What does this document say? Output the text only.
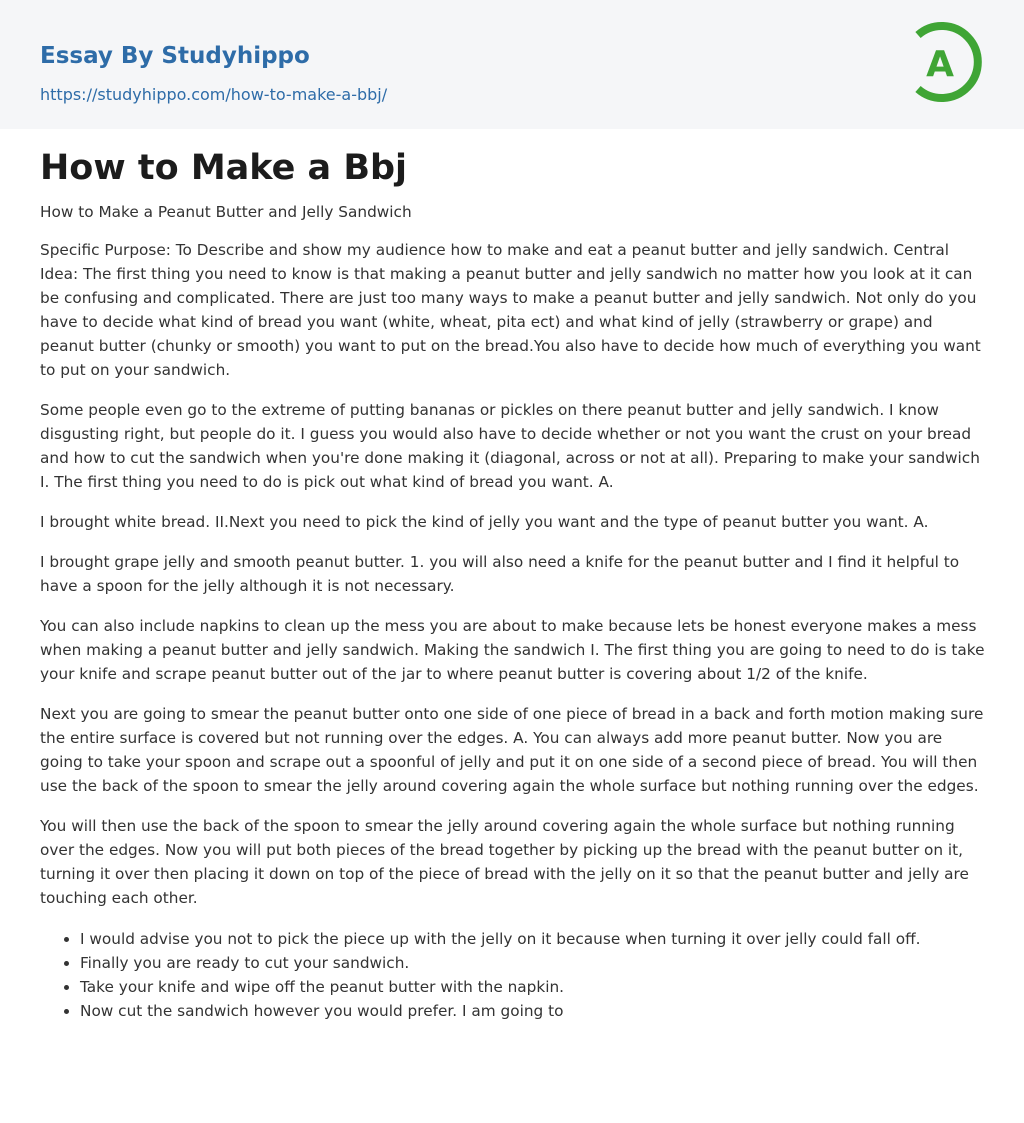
Essay By Studyhippo
https://studyhippo.com/how-to-make-a-bbj/
A
How to Make a Bbj

How to Make a Peanut Butter and Jelly Sandwich

Specific Purpose: To Describe and show my audience how to make and eat a peanut butter and jelly sandwich. Central Idea: The first thing you need to know is that making a peanut butter and jelly sandwich no matter how you look at it can be confusing and complicated. There are just too many ways to make a peanut butter and jelly sandwich. Not only do you have to decide what kind of bread you want (white, wheat, pita ect) and what kind of jelly (strawberry or grape) and peanut butter (chunky or smooth) you want to put on the bread.You also have to decide how much of everything you want to put on your sandwich.

Some people even go to the extreme of putting bananas or pickles on there peanut butter and jelly sandwich. I know disgusting right, but people do it. I guess you would also have to decide whether or not you want the crust on your bread and how to cut the sandwich when you're done making it (diagonal, across or not at all). Preparing to make your sandwich I. The first thing you need to do is pick out what kind of bread you want. A.

I brought white bread. II.Next you need to pick the kind of jelly you want and the type of peanut butter you want. A.

I brought grape jelly and smooth peanut butter. 1. you will also need a knife for the peanut butter and I find it helpful to have a spoon for the jelly although it is not necessary.

You can also include napkins to clean up the mess you are about to make because lets be honest everyone makes a mess when making a peanut butter and jelly sandwich. Making the sandwich I. The first thing you are going to need to do is take your knife and scrape peanut butter out of the jar to where peanut butter is covering about 1/2 of the knife.

Next you are going to smear the peanut butter onto one side of one piece of bread in a back and forth motion making sure the entire surface is covered but not running over the edges. A. You can always add more peanut butter. Now you are going to take your spoon and scrape out a spoonful of jelly and put it on one side of a second piece of bread. You will then use the back of the spoon to smear the jelly around covering again the whole surface but nothing running over the edges.

You will then use the back of the spoon to smear the jelly around covering again the whole surface but nothing running over the edges. Now you will put both pieces of the bread together by picking up the bread with the peanut butter on it, turning it over then placing it down on top of the piece of bread with the jelly on it so that the peanut butter and jelly are touching each other.

• I would advise you not to pick the piece up with the jelly on it because when turning it over jelly could fall off.
• Finally you are ready to cut your sandwich.
• Take your knife and wipe off the peanut butter with the napkin.
• Now cut the sandwich however you would prefer. I am going to
